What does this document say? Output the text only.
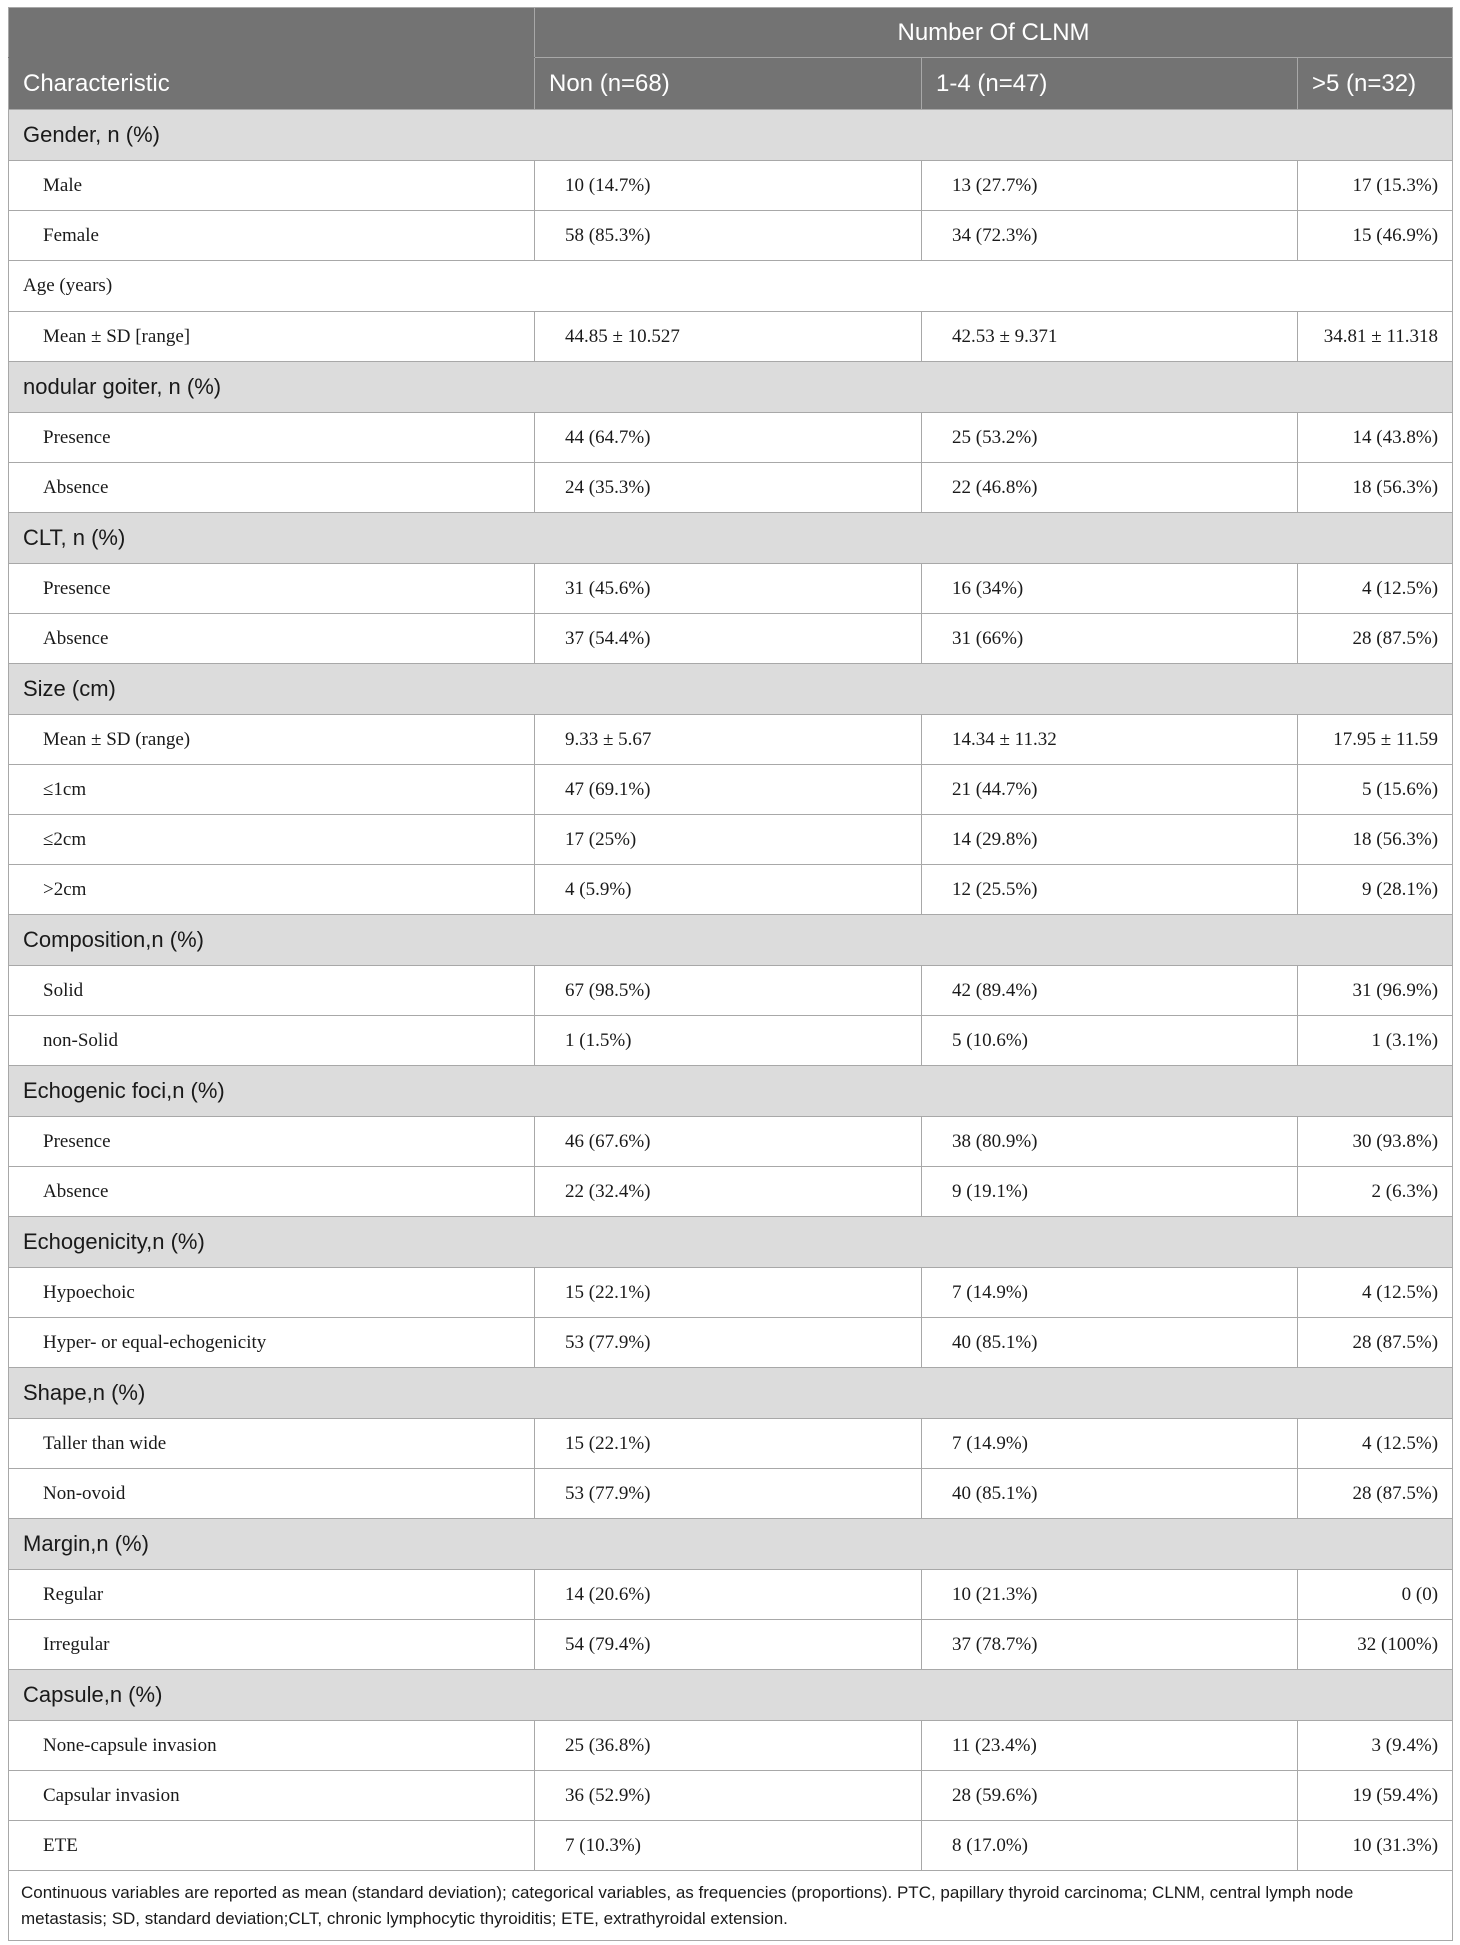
	Number Of CLNM		
Characteristic	Non (n=68)	1-4 (n=47)	>5 (n=32)
Gender, n (%)			
Male	10 (14.7%)	13 (27.7%)	17 (15.3%)
Female	58 (85.3%)	34 (72.3%)	15 (46.9%)
Age (years)			
Mean ± SD [range]	44.85 ± 10.527	42.53 ± 9.371	34.81 ± 11.318
nodular goiter, n (%)			
Presence	44 (64.7%)	25 (53.2%)	14 (43.8%)
Absence	24 (35.3%)	22 (46.8%)	18 (56.3%)
CLT, n (%)			
Presence	31 (45.6%)	16 (34%)	4 (12.5%)
Absence	37 (54.4%)	31 (66%)	28 (87.5%)
Size (cm)			
Mean ± SD (range)	9.33 ± 5.67	14.34 ± 11.32	17.95 ± 11.59
≤1cm	47 (69.1%)	21 (44.7%)	5 (15.6%)
≤2cm	17 (25%)	14 (29.8%)	18 (56.3%)
>2cm	4 (5.9%)	12 (25.5%)	9 (28.1%)
Composition,n (%)			
Solid	67 (98.5%)	42 (89.4%)	31 (96.9%)
non-Solid	1 (1.5%)	5 (10.6%)	1 (3.1%)
Echogenic foci,n (%)			
Presence	46 (67.6%)	38 (80.9%)	30 (93.8%)
Absence	22 (32.4%)	9 (19.1%)	2 (6.3%)
Echogenicity,n (%)			
Hypoechoic	15 (22.1%)	7 (14.9%)	4 (12.5%)
Hyper- or equal-echogenicity	53 (77.9%)	40 (85.1%)	28 (87.5%)
Shape,n (%)			
Taller than wide	15 (22.1%)	7 (14.9%)	4 (12.5%)
Non-ovoid	53 (77.9%)	40 (85.1%)	28 (87.5%)
Margin,n (%)			
Regular	14 (20.6%)	10 (21.3%)	0 (0)
Irregular	54 (79.4%)	37 (78.7%)	32 (100%)
Capsule,n (%)			
None-capsule invasion	25 (36.8%)	11 (23.4%)	3 (9.4%)
Capsular invasion	36 (52.9%)	28 (59.6%)	19 (59.4%)
ETE	7 (10.3%)	8 (17.0%)	10 (31.3%)
Continuous variables are reported as mean (standard deviation); categorical variables, as frequencies (proportions). PTC, papillary thyroid carcinoma; CLNM, central lymph node metastasis; SD, standard deviation;CLT, chronic lymphocytic thyroiditis; ETE, extrathyroidal extension.			
